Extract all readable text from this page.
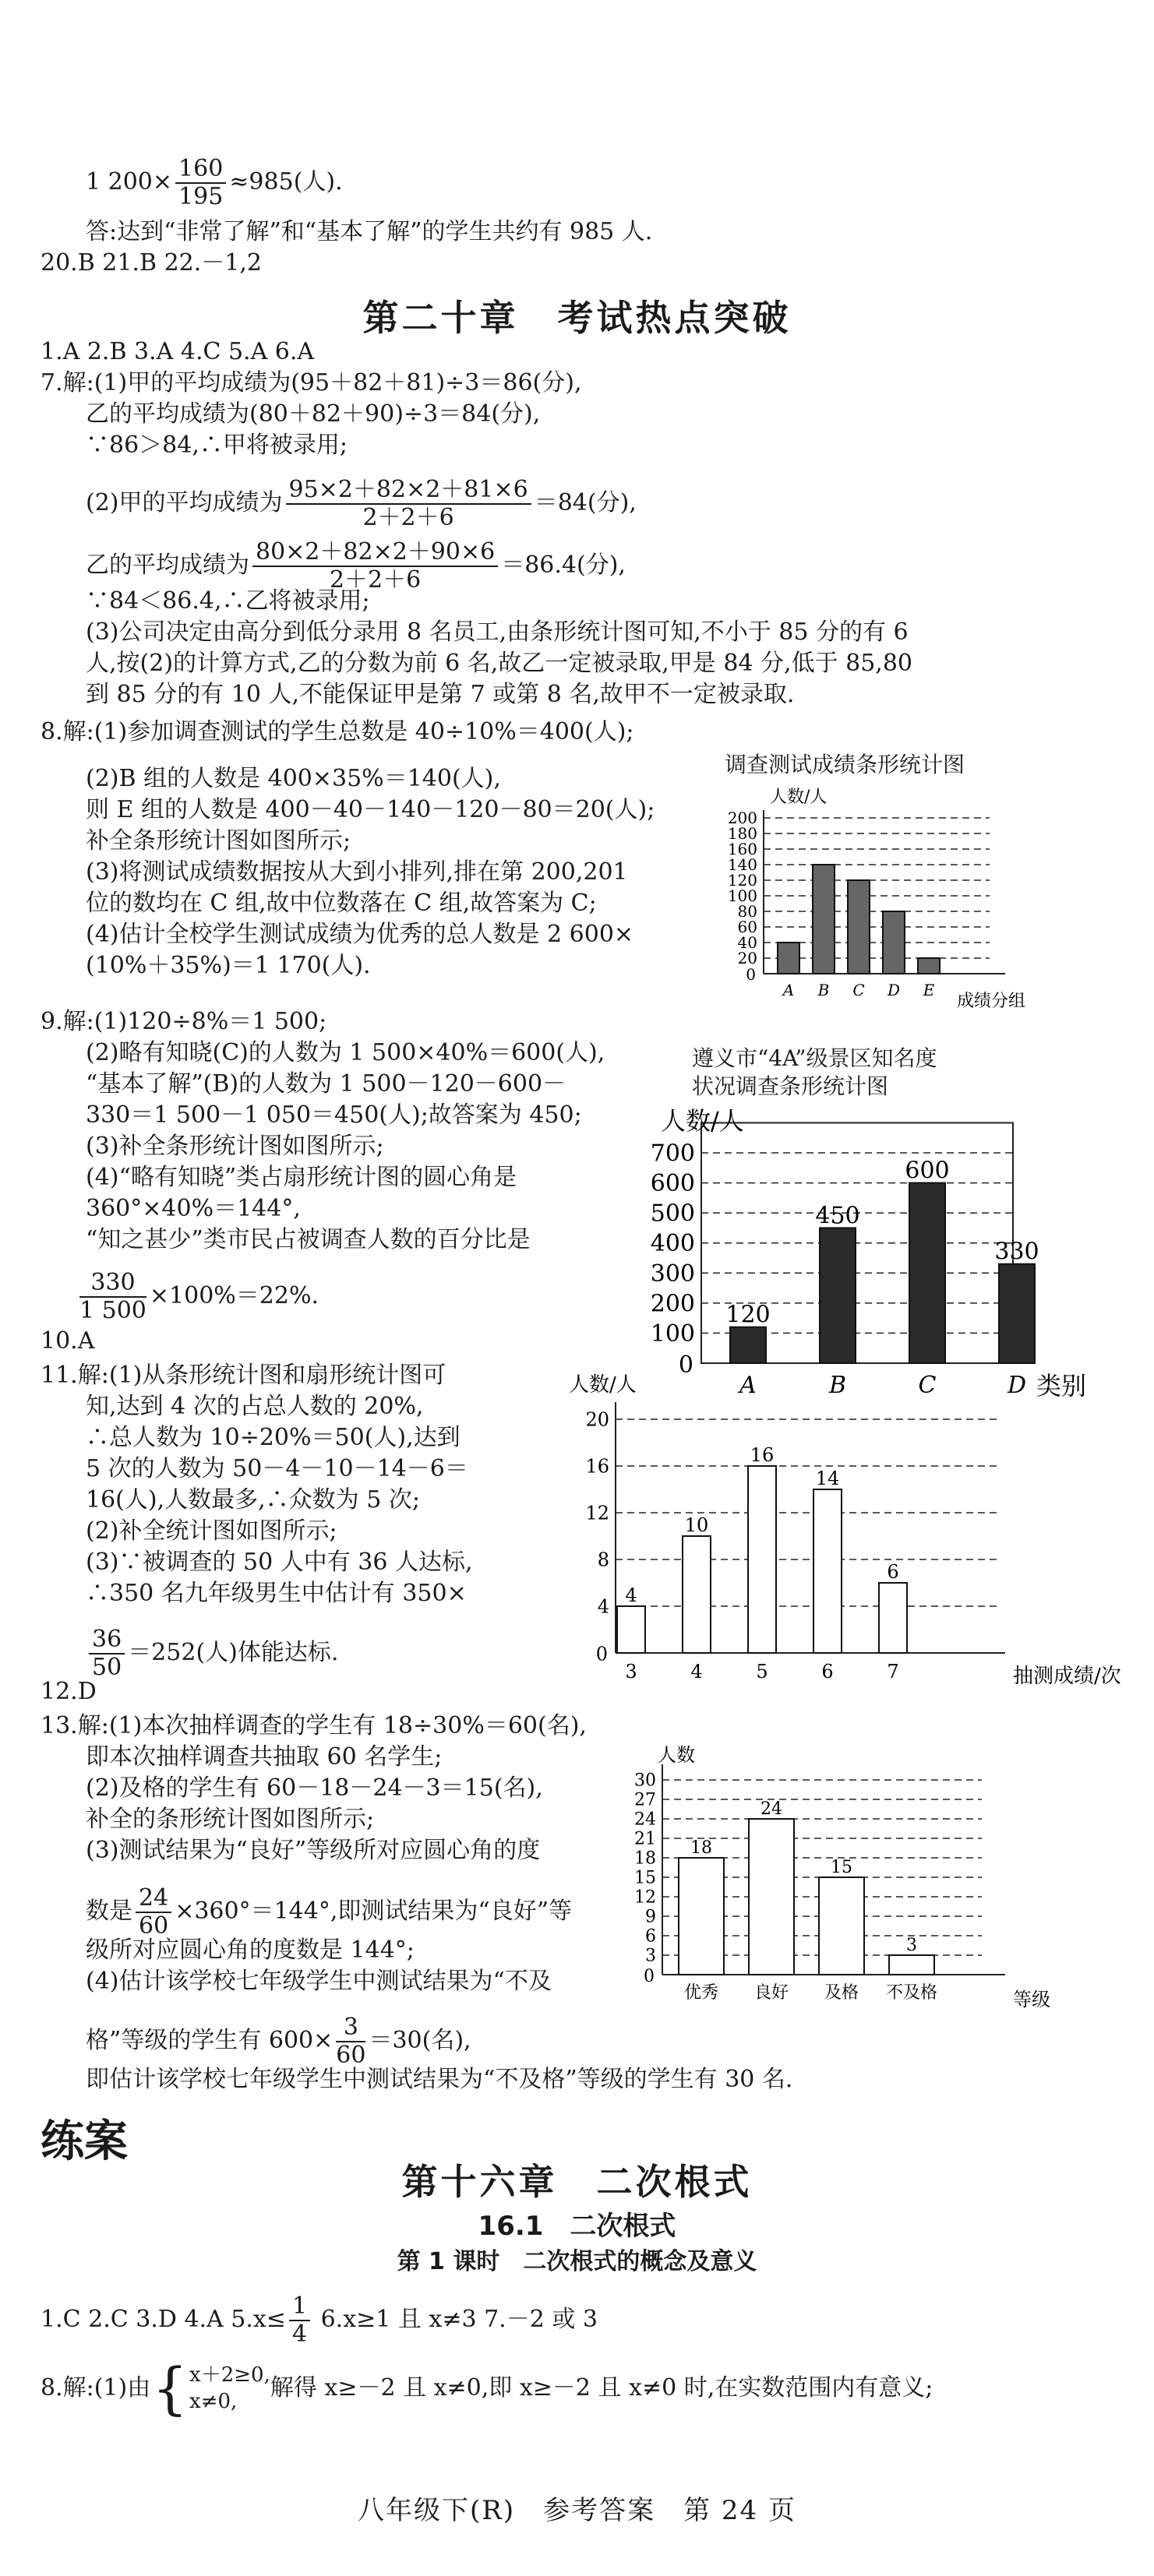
1 $200\times \frac{160}{195} \approx 985$(人).
答:达到“非常了解”和“基本了解”的学生共约有 985 人.
20.B 21.B 22.－1,2
第二十章　考试热点突破
1.A 2.B 3.A 4.C 5.A 6.A
7.解:(1)甲的平均成绩为(95＋82＋81)÷3＝86(分),
乙的平均成绩为(80＋82＋90)÷3＝84(分),
∵86＞84,∴甲将被录用;
(2)甲的平均成绩为 $\frac{95\times 2+82\times 2+81\times 6}{2+2+6} =84$(分),
乙的平均成绩为 $\frac{80\times 2+82\times 2+90\times 6}{2+2+6} =86.4$(分),
∵84＜86.4,∴乙将被录用;
(3)公司决定由高分到低分录用 8 名员工,由条形统计图可知,不小于 85 分的有 6
人,按(2)的计算方式,乙的分数为前 6 名,故乙一定被录取,甲是 84 分,低于 85,80
到 85 分的有 10 人,不能保证甲是第 7 或第 8 名,故甲不一定被录取.
8.解:(1)参加调查测试的学生总数是 40÷10%＝400(人);
(2)B 组的人数是 400×35%＝140(人),
则 E 组的人数是 400－40－140－120－80＝20(人);
补全条形统计图如图所示;
(3)将测试成绩数据按从大到小排列,排在第 200,201
位的数均在 C 组,故中位数落在 C 组,故答案为 C;
(4)估计全校学生测试成绩为优秀的总人数是 2 600×
(10%＋35%)＝1 170(人).
调查测试成绩条形统计图
20
40
60
80
100
120
140
160
180
200
0
人数/人
成绩分组
A B C D E
9.解:(1)120÷8%＝1 500;
(2)略有知晓(C)的人数为 1 500×40%＝600(人),
“基本了解”(B)的人数为 1 500－120－600－
330＝1 500－1 050＝450(人);故答案为 450;
(3)补全条形统计图如图所示;
(4)“略有知晓”类占扇形统计图的圆心角是
360°×40%＝144°,
“知之甚少”类市民占被调查人数的百分比是
$\frac{330}{1 500} \times 100\%=22\%$.
遵义市“4A”级景区知名度
状况调查条形统计图
100
200
300
400
500
600
700
0
人数/人
类别
120
A
450
B
600
C
330
D
10.A
11.解:(1)从条形统计图和扇形统计图可
知,达到 4 次的占总人数的 20%,
∴总人数为 10÷20%＝50(人),达到
5 次的人数为 50－4－10－14－6＝
16(人),人数最多,∴众数为 5 次;
(2)补全统计图如图所示;
(3)∵被调查的 50 人中有 36 人达标,
∴350 名九年级男生中估计有 350×
$\frac{36}{50} =252$(人)体能达标.
4
8
12
16
20
0
人数/人
抽测成绩/次
4
3
10
4
16
5
14
6
6
7
12.D
13.解:(1)本次抽样调查的学生有 18÷30%＝60(名),
即本次抽样调查共抽取 60 名学生;
(2)及格的学生有 60－18－24－3＝15(名),
补全的条形统计图如图所示;
(3)测试结果为“良好”等级所对应圆心角的度
数是 $\frac{24}{60} \times 360^\circ=144^\circ$,即测试结果为“良好”等
级所对应圆心角的度数是 144°;
(4)估计该学校七年级学生中测试结果为“不及
格”等级的学生有 $600\times \frac{3}{60} =30$(名),
即估计该学校七年级学生中测试结果为“不及格”等级的学生有 30 名.
3
6
9
12
15
18
21
24
27
30
0
人数
等级
18
优秀
24
良好
15
及格
3
不及格
练案
第十六章　二次根式
16.1　二次根式
第 1 课时　二次根式的概念及意义
1.C 2.C 3.D 4.A $5.x\le \frac{1}{4} 6.x\ge 1$ 且 x≠3 7.－2 或 3
8.解:(1)由 { x＋2≥0,
x≠0,	解得 x≥－2 且 x≠0,即 x≥－2 且 x≠0 时,在实数范围内有意义;
八年级下(R)　参考答案　第 24 页
